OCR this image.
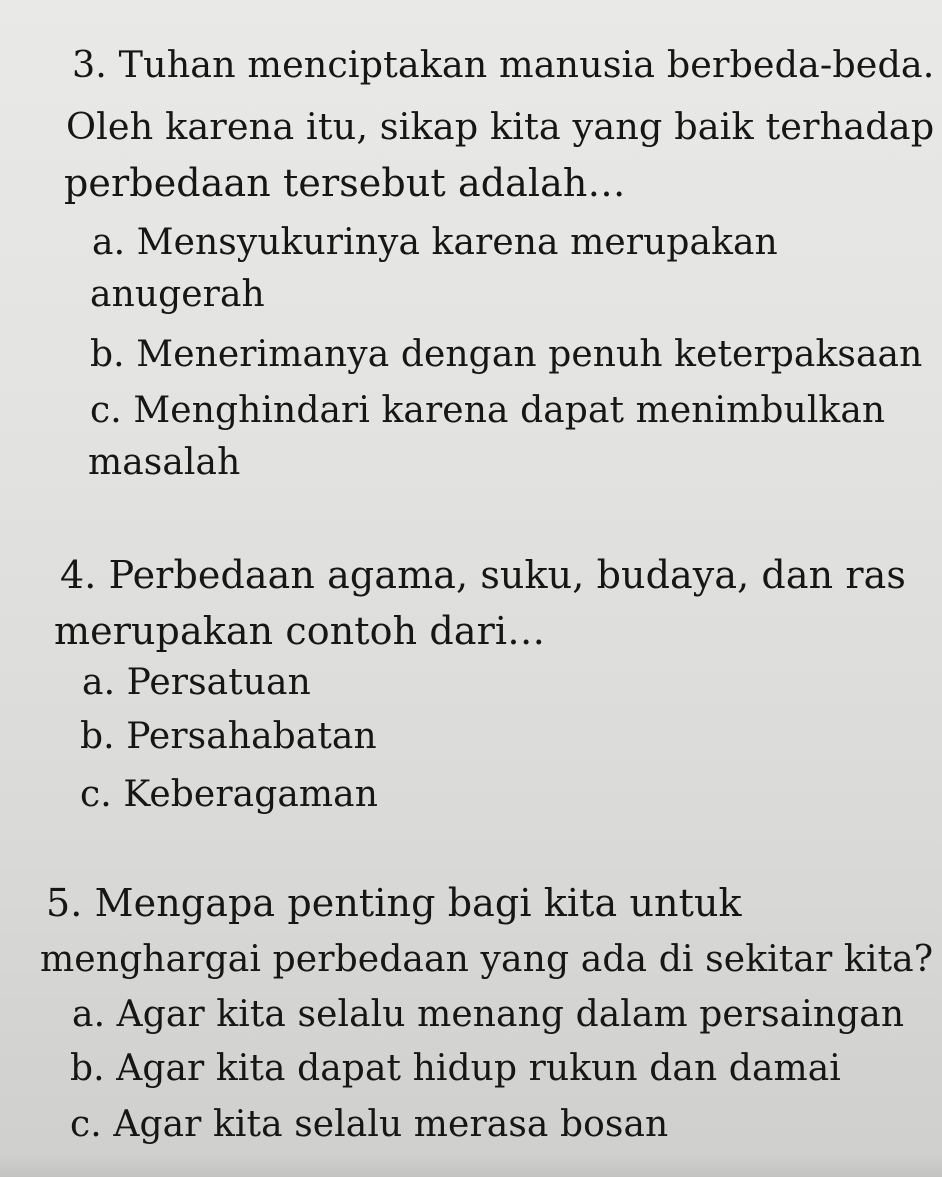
3. Tuhan menciptakan manusia berbeda-beda.
Oleh karena itu, sikap kita yang baik terhadap
perbedaan tersebut adalah…
a. Mensyukurinya karena merupakan
anugerah
b. Menerimanya dengan penuh keterpaksaan
c. Menghindari karena dapat menimbulkan
masalah
4. Perbedaan agama, suku, budaya, dan ras
merupakan contoh dari…
a. Persatuan
b. Persahabatan
c. Keberagaman
5. Mengapa penting bagi kita untuk
menghargai perbedaan yang ada di sekitar kita?
a. Agar kita selalu menang dalam persaingan
b. Agar kita dapat hidup rukun dan damai
c. Agar kita selalu merasa bosan
